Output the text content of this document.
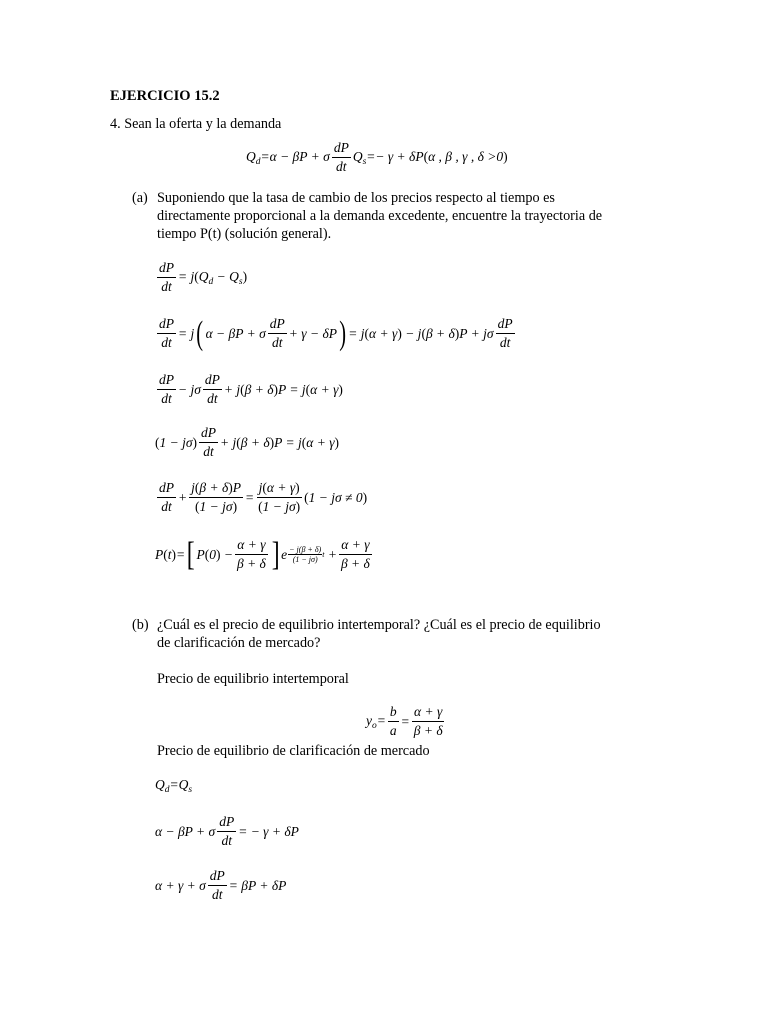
EJERCICIO 15.2
4. Sean la oferta y la demanda
$Q_d=\alpha - \beta P + \sigma \frac{dP}{dt} Q_s=- \gamma + \delta P(\alpha$ , β , γ , δ >0)
(a) Suponiendo que la tasa de cambio de los precios respecto al tiempo es
directamente proporcional a la demanda excedente, encuentre la trayectoria de
tiempo P(t) (solución general).
$\frac{dP}{dt} = j(Q_d - Q_s)$
$\frac{dP}{dt} = j$ ( α − βP + σ $\frac{dP}{dt} + \gamma - \delta P$ ) = j(α + γ) − j(β + δ)P + jσ $\frac{dP}{dt}$
$\frac{dP}{dt} - j\sigma \frac{dP}{dt} + j(\beta + \delta)P = j(\alpha + \gamma)$
$(1 - j\sigma) \frac{dP}{dt} + j(\beta + \delta)P = j(\alpha + \gamma)$
$\frac{dP}{dt} + \frac{j(\beta + \delta)P}{(1 - j\sigma)} = \frac{j(\alpha + \gamma)}{(1 - j\sigma)} (1 - j\sigma \ne 0)$
P(t)= [ $P(0) - \frac{\alpha + \gamma}{\beta + \delta}$ ] e $\frac{- j(\beta + \delta)}{(1 - j\sigma)}$ $t + \frac{\alpha + \gamma}{\beta + \delta}$
(b) ¿Cuál es el precio de equilibrio intertemporal? ¿Cuál es el precio de equilibrio
de clarificación de mercado?
Precio de equilibrio intertemporal
$y_o= \frac{b}{a} = \frac{\alpha + \gamma}{\beta + \delta}$
Precio de equilibrio de clarificación de mercado
$Q_d=Q_s$
α − βP + σ $\frac{dP}{dt}$ = − γ + δP
α + γ + σ $\frac{dP}{dt} = \beta P + \delta P$
